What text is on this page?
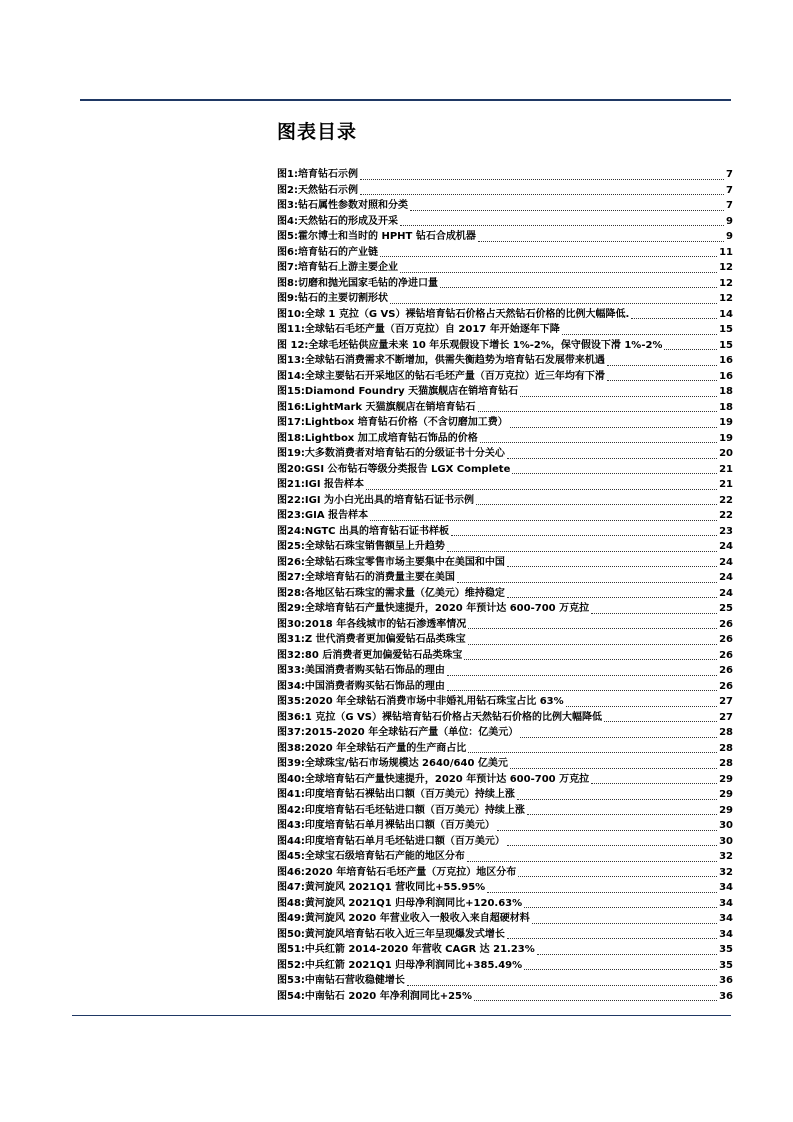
图表目录
图1: 培育钻石示例	7
图2: 天然钻石示例	7
图3: 钻石属性参数对照和分类	7
图4: 天然钻石的形成及开采	9
图5: 霍尔博士和当时的 HPHT 钻石合成机器	9
图6: 培育钻石的产业链	11
图7: 培育钻石上游主要企业	12
图8: 切磨和抛光国家毛钻的净进口量	12
图9: 钻石的主要切割形状	12
图10: 全球 1 克拉（G VS）裸钻培育钻石价格占天然钻石价格的比例大幅降低.	14
图11: 全球钻石毛坯产量（百万克拉）自 2017 年开始逐年下降	15
图 12: 全球毛坯钻供应量未来 10 年乐观假设下增长 1%-2%，保守假设下滑 1%-2%	15
图13: 全球钻石消费需求不断增加，供需失衡趋势为培育钻石发展带来机遇	16
图14: 全球主要钻石开采地区的钻石毛坯产量（百万克拉）近三年均有下滑	16
图15: Diamond Foundry 天猫旗舰店在销培育钻石	18
图16: LightMark 天猫旗舰店在销培育钻石	18
图17: Lightbox 培育钻石价格（不含切磨加工费）	19
图18: Lightbox 加工成培育钻石饰品的价格	19
图19: 大多数消费者对培育钻石的分级证书十分关心	20
图20: GSI 公布钻石等级分类报告 LGX Complete	21
图21: IGI 报告样本	21
图22: IGI 为小白光出具的培育钻石证书示例	22
图23: GIA 报告样本	22
图24: NGTC 出具的培育钻石证书样板	23
图25: 全球钻石珠宝销售额呈上升趋势	24
图26: 全球钻石珠宝零售市场主要集中在美国和中国	24
图27: 全球培育钻石的消费量主要在美国	24
图28: 各地区钻石珠宝的需求量（亿美元）维持稳定	24
图29: 全球培育钻石产量快速提升，2020 年预计达 600-700 万克拉	25
图30: 2018 年各线城市的钻石渗透率情况	26
图31: Z 世代消费者更加偏爱钻石品类珠宝	26
图32: 80 后消费者更加偏爱钻石品类珠宝	26
图33: 美国消费者购买钻石饰品的理由	26
图34: 中国消费者购买钻石饰品的理由	26
图35: 2020 年全球钻石消费市场中非婚礼用钻石珠宝占比 63%	27
图36: 1 克拉（G VS）裸钻培育钻石价格占天然钻石价格的比例大幅降低	27
图37: 2015-2020 年全球钻石产量（单位：亿美元）	28
图38: 2020 年全球钻石产量的生产商占比	28
图39: 全球珠宝/钻石市场规模达 2640/640 亿美元	28
图40: 全球培育钻石产量快速提升，2020 年预计达 600-700 万克拉	29
图41: 印度培育钻石裸钻出口额（百万美元）持续上涨	29
图42: 印度培育钻石毛坯钻进口额（百万美元）持续上涨	29
图43: 印度培育钻石单月裸钻出口额（百万美元）	30
图44: 印度培育钻石单月毛坯钻进口额（百万美元）	30
图45: 全球宝石级培育钻石产能的地区分布	32
图46: 2020 年培育钻石毛坯产量（万克拉）地区分布	32
图47: 黄河旋风 2021Q1 营收同比+55.95%	34
图48: 黄河旋风 2021Q1 归母净利润同比+120.63%	34
图49: 黄河旋风 2020 年营业收入一般收入来自超硬材料	34
图50: 黄河旋风培育钻石收入近三年呈现爆发式增长	34
图51: 中兵红箭 2014-2020 年营收 CAGR 达 21.23%	35
图52: 中兵红箭 2021Q1 归母净利润同比+385.49%	35
图53: 中南钻石营收稳健增长	36
图54: 中南钻石 2020 年净利润同比+25%	36
